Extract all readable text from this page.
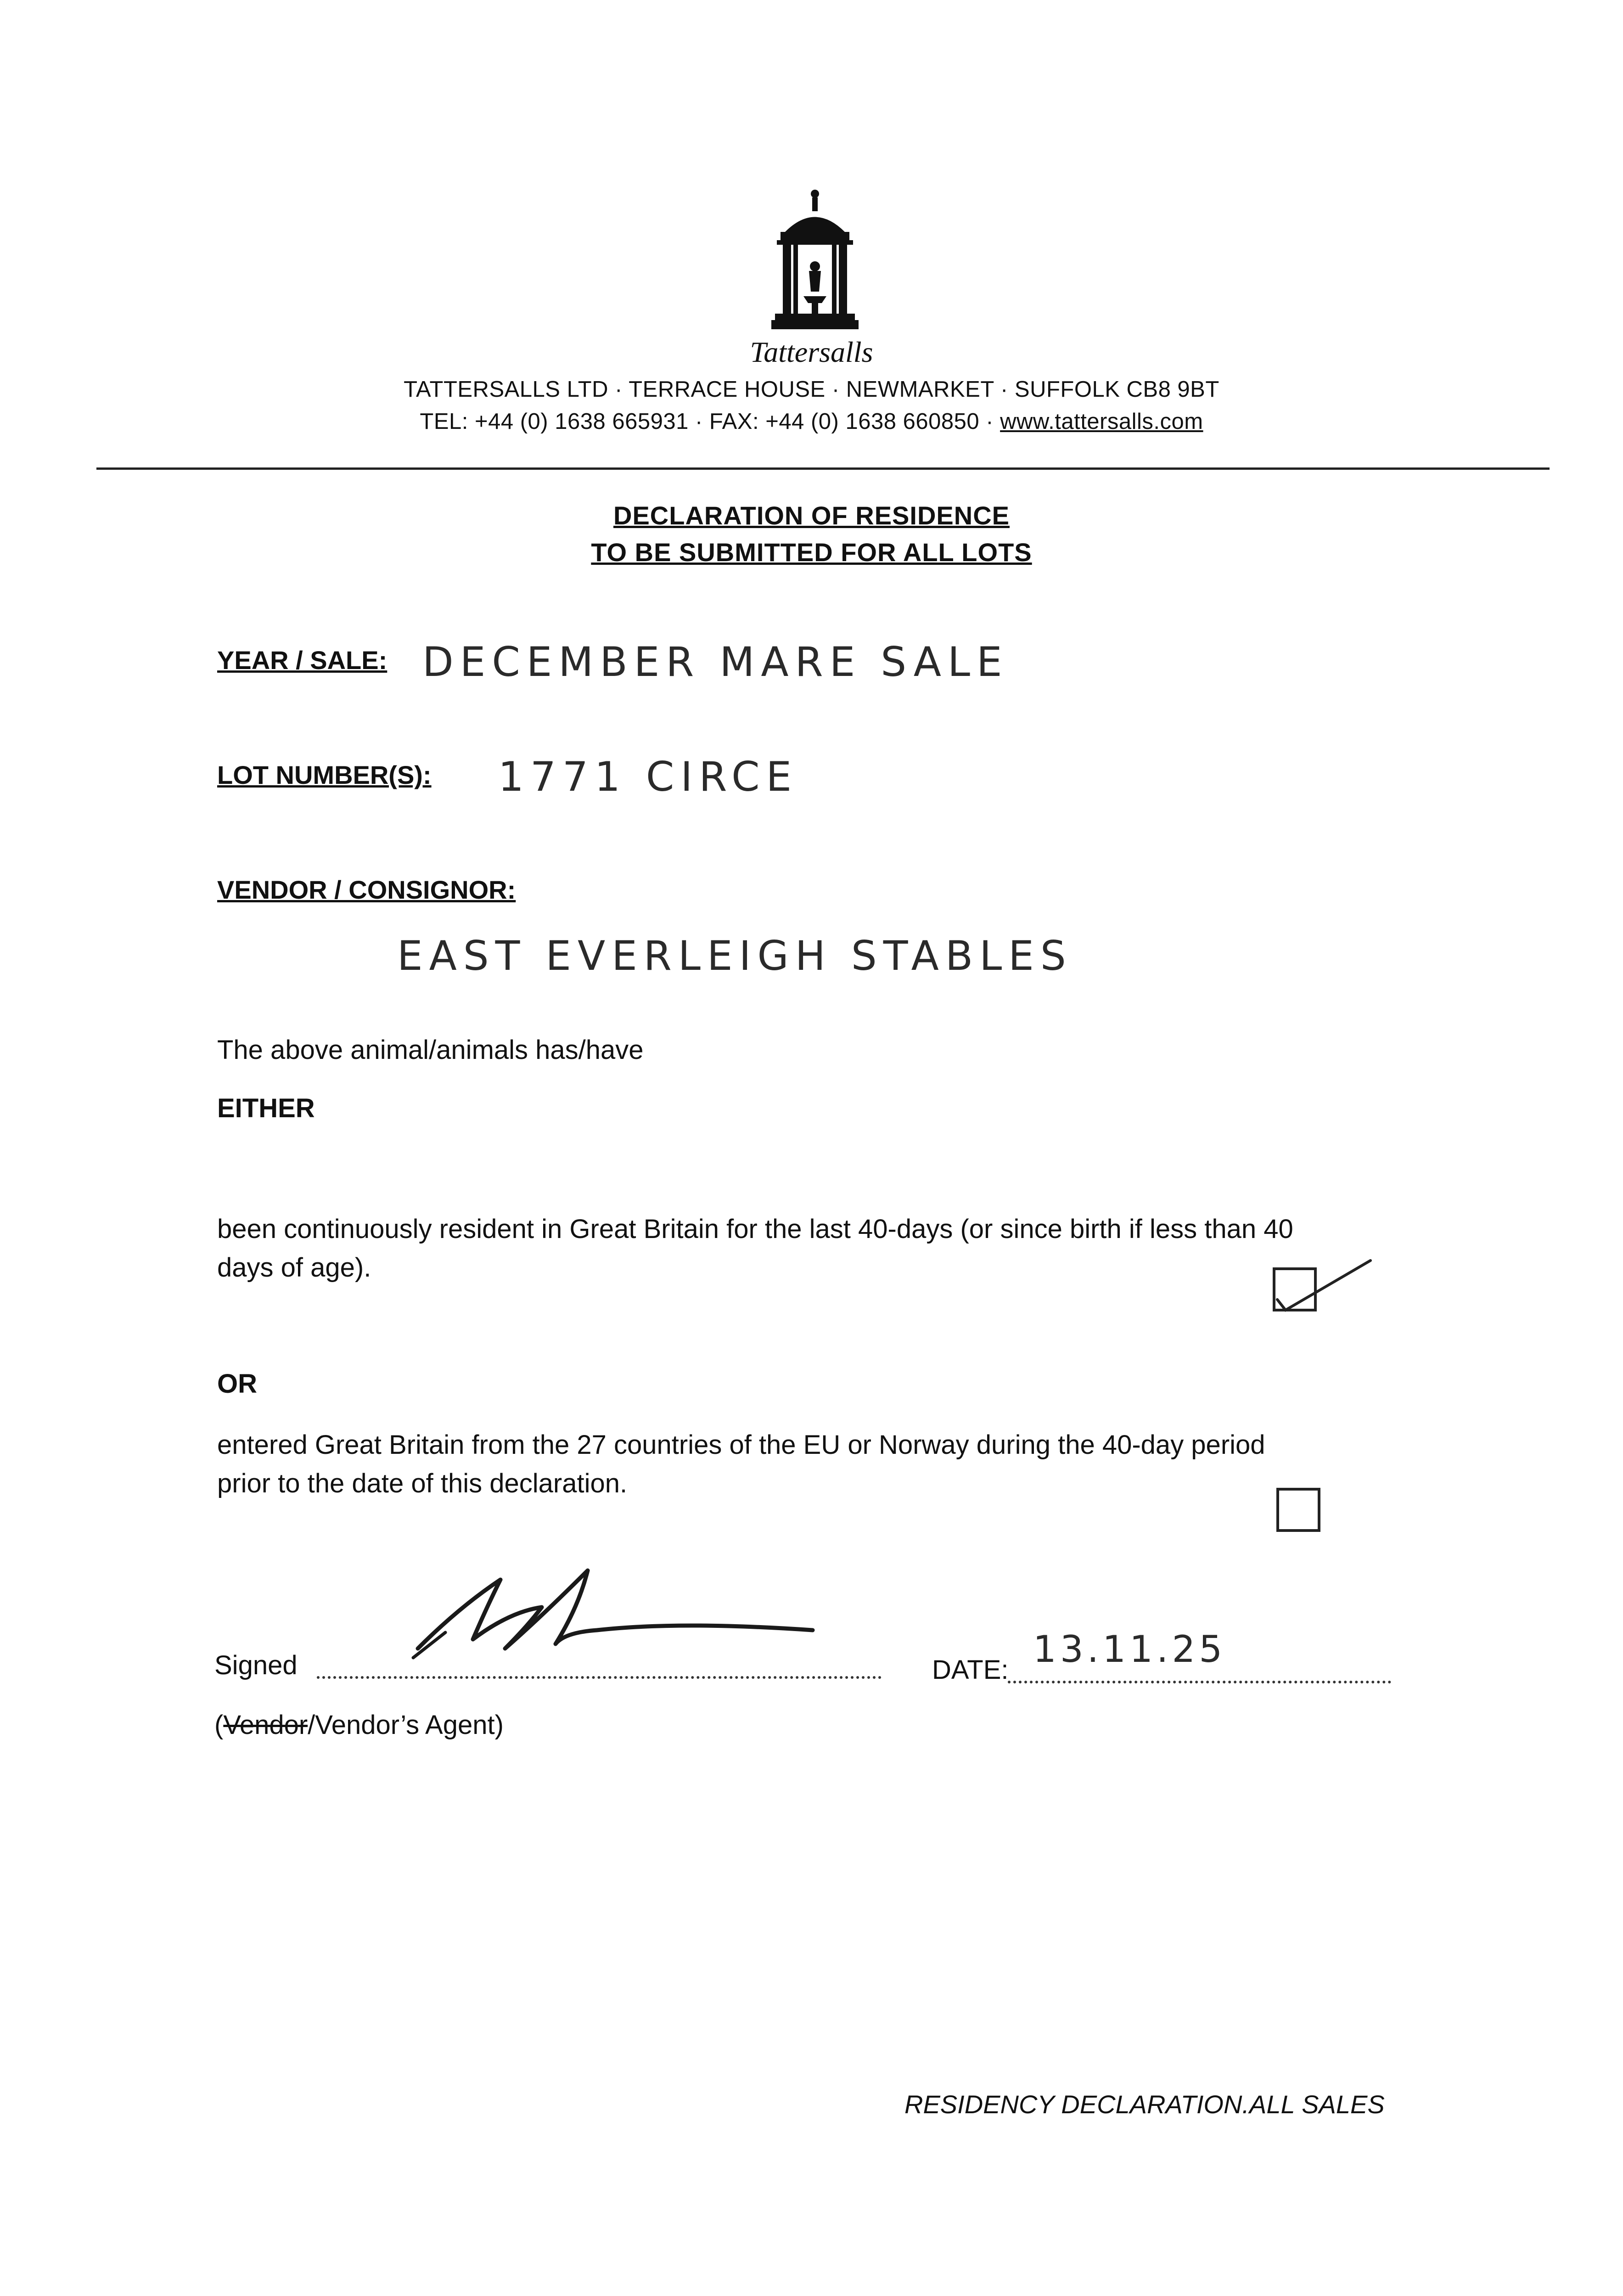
Tattersalls
TATTERSALLS LTD · TERRACE HOUSE · NEWMARKET · SUFFOLK CB8 9BT
TEL: +44 (0) 1638 665931 · FAX: +44 (0) 1638 660850 · www.tattersalls.com
DECLARATION OF RESIDENCE
TO BE SUBMITTED FOR ALL LOTS
YEAR / SALE: DECEMBER MARE SALE
LOT NUMBER(S): 1771 CIRCE
VENDOR / CONSIGNOR:
EAST EVERLEIGH STABLES
The above animal/animals has/have
EITHER
been continuously resident in Great Britain for the last 40-days (or since birth if less than 40
days of age).
OR
entered Great Britain from the 27 countries of the EU or Norway during the 40-day period
prior to the date of this declaration.
Signed	DATE: 13.11.25
(Vendor/Vendor’s Agent)
RESIDENCY DECLARATION.ALL SALES
